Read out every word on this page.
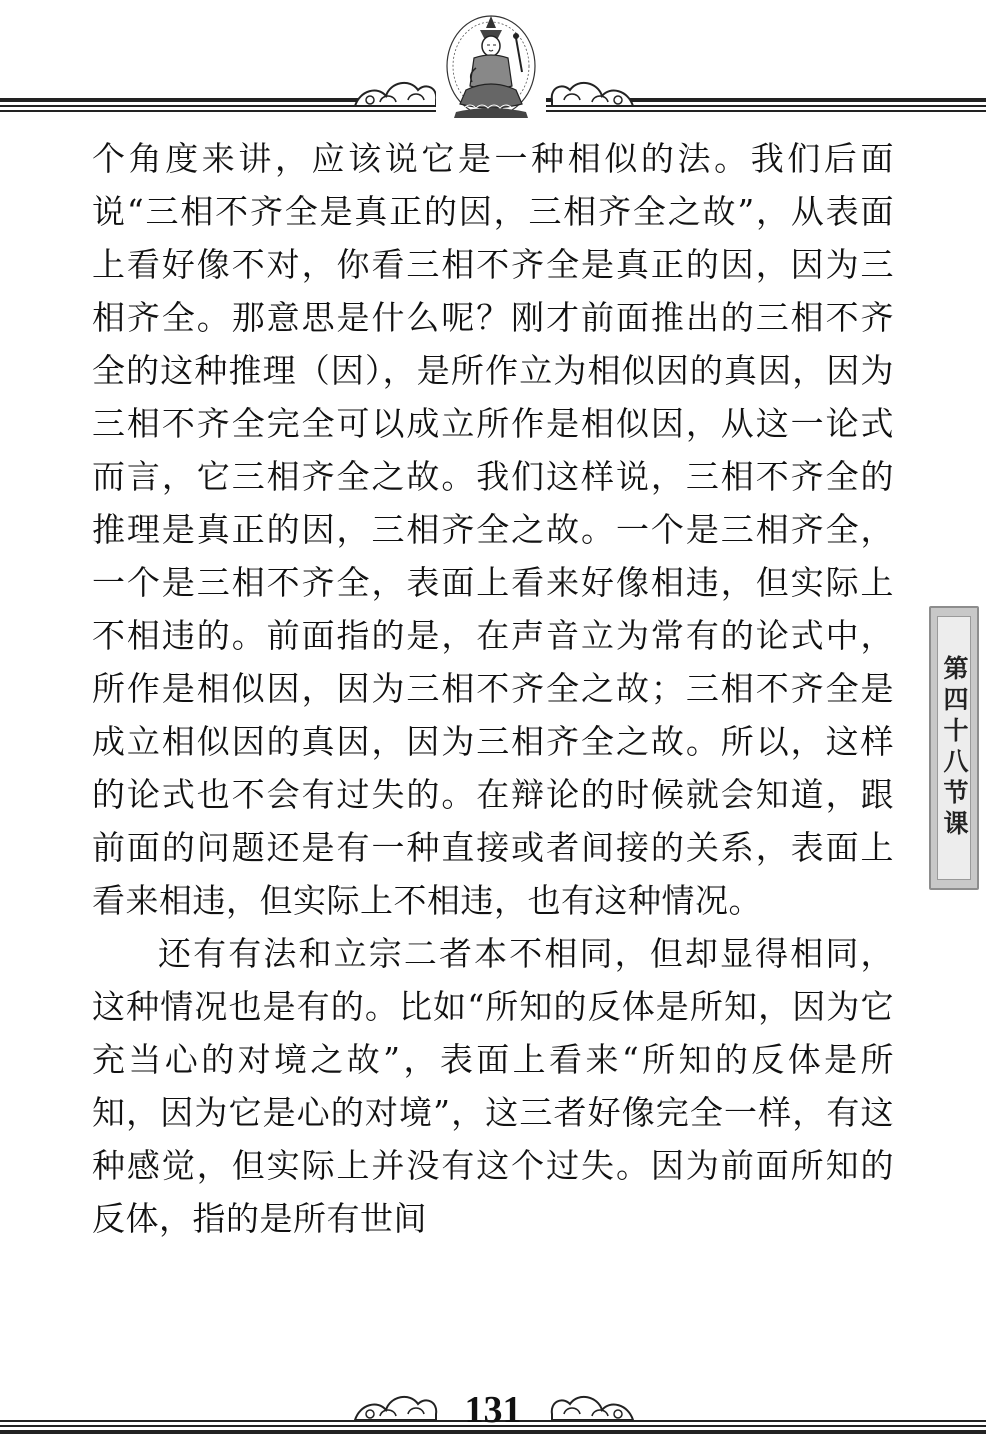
个角度来讲，应该说它是一种相似的法。我们后面说“三相不齐全是真正的因，三相齐全之故”，从表面上看好像不对，你看三相不齐全是真正的因，因为三相齐全。那意思是什么呢？刚才前面推出的三相不齐全的这种推理（因），是所作立为相似因的真因，因为三相不齐全完全可以成立所作是相似因，从这一论式而言，它三相齐全之故。我们这样说，三相不齐全的推理是真正的因，三相齐全之故。一个是三相齐全，一个是三相不齐全，表面上看来好像相违，但实际上不相违的。前面指的是，在声音立为常有的论式中，所作是相似因，因为三相不齐全之故；三相不齐全是成立相似因的真因，因为三相齐全之故。所以，这样的论式也不会有过失的。在辩论的时候就会知道，跟前面的问题还是有一种直接或者间接的关系，表面上看来相违，但实际上不相违，也有这种情况。

还有有法和立宗二者本不相同，但却显得相同，这种情况也是有的。比如“所知的反体是所知，因为它充当心的对境之故”，表面上看来“所知的反体是所知，因为它是心的对境”，这三者好像完全一样，有这种感觉，但实际上并没有这个过失。因为前面所知的反体，指的是所有世间

第四十八节课
131
